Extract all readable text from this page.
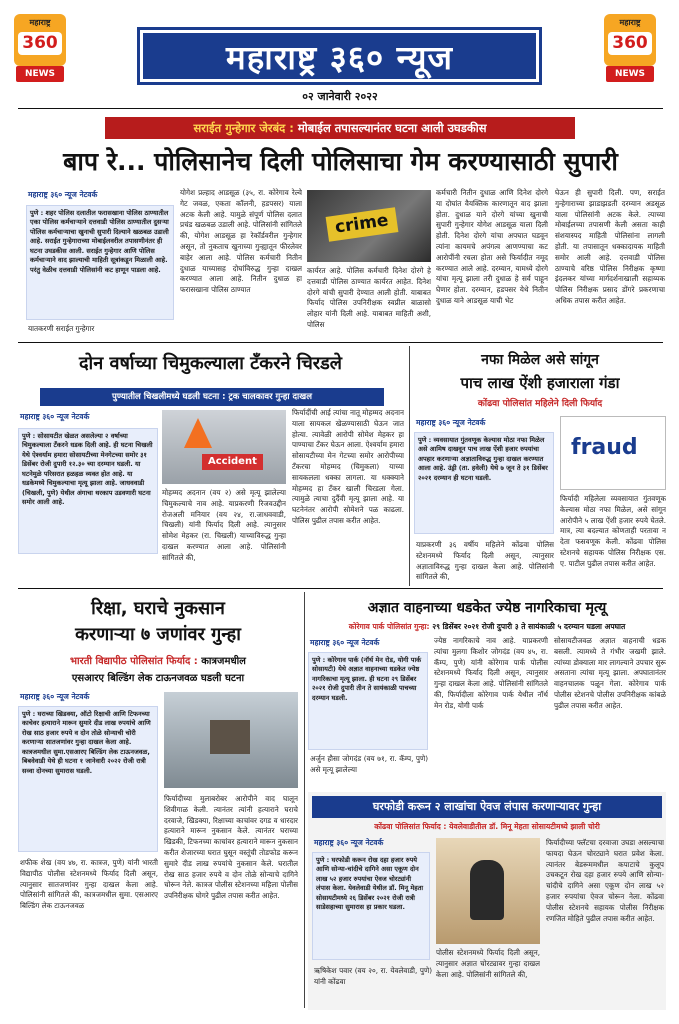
महाराष्ट्र
360
NEWS
महाराष्ट्र
360
NEWS
महाराष्ट्र ३६० न्यूज
०२ जानेवारी २०२२
सराईत गुन्हेगार जेरबंद : मोबाईल तपासल्यानंतर घटना आली उघडकीस
बाप रे... पोलिसानेच दिली पोलिसाचा गेम करण्यासाठी सुपारी
महाराष्ट्र ३६० न्यूज नेटवर्क
पुणे : शहर पोलिस दलातील फरासखाना पोलिस ठाण्यातील एका पोलिस कर्मचाऱ्याने दत्तवाडी पोलिस ठाण्यातील दुसऱ्या पोलिस कर्मचाऱ्याचा खुनाची सुपारी दिल्याने खळबळ उडाली आहे. सराईत गुन्हेगाराच्या मोबाईलवरील तपासणीनंतर ही घटना उघडकीस आली. सराईत गुन्हेगार आणि पोलिस कर्मचाऱ्याने वाद झाल्याची माहिती सूत्रांकडून मिळाली आहे. परंतु वेळीच दत्तवाडी पोलिसांनी कट हाणून पाडला आहे.
यातकरणी सराईत गुन्हेगार
योगेश प्रल्हाद आडसूळ (३५, रा. कोरेगाव रेल्वे गेट जवळ, एकता कॉलनी, हडपसर) याला अटक केली आहे. यामुळे संपूर्ण पोलिस दलात प्रचंड खळबळ उडाली आहे. पोलिसांनी सांगितले की, योगेश आडसूळ हा रेकॉर्डवरील गुन्हेगार असून, तो नुकताच खुनाच्या गुन्ह्यातून फीरलेवर बाहेर आला आहे. पोलिस कर्मचारी नितीन दुधाळ याच्यासह दोघांविरुद्ध गुन्हा दाखल करण्यात आला आहे. नितीन दुधाळ हा फरासखाना पोलिस ठाण्यात
crime
कार्यरत आहे. पोलिस कर्मचारी दिनेश दोरगे हे दत्तवाडी पोलिस ठाण्यात कार्यरत आहेत. दिनेश दोरगे यांची सुपारी देण्यात आली होती. याबाबत फिर्याद पोलिस उपनिरीक्षक स्वप्नील बाळासो लोहार यांनी दिली आहे. याबाबत माहिती अशी, पोलिस
कर्मचारी नितीन दुधाळ आणि दिनेश दोरगे या दोघांत वैयक्तिक कारणातून वाद झाला होता. दुधाळ याने दोरगे यांच्या खुनाची सुपारी गुन्हेगार योगेश आडसूळ याला दिली होती. दिनेश दोरगे यांचा अपघात घडवून त्यांना कायमचे अपंगत्व आणण्याचा कट आरोपींनी रचला होता असे फिर्यादीत नमूद करण्यात आले आहे. दरम्यान, यामध्ये दोरगे यांचा मृत्यू झाला तरी दुधाळ हे सर्व पाहून घेणार होता. दरम्यान, हडपसर येथे नितीन दुधाळ याने आडसूळ याची भेट
घेऊन ही सुपारी दिली. पण, सराईत गुन्हेगाराच्या झाडाझडती दरम्यान अडसूळ याला पोलिसांनी अटक केले. त्याच्या मोबाईलच्या तपासणी केली असता काही संशयास्पद माहिती पोलिसांना लागली होती. या तपासातून धक्कादायक माहिती समोर आली आहे. दत्तवाडी पोलिस ठाण्याचे वरिष्ठ पोलिस निरीक्षक कृष्णा इंदलकर यांच्या मार्गदर्शनाखाली सहाय्यक पोलिस निरीक्षक प्रसाद डोंगरे प्रकरणाचा अधिक तपास करीत आहेत.
दोन वर्षाच्या चिमुकल्याला टँकरने चिरडले
पुण्यातील चिखलीमध्ये घडली घटना : ट्रक चालकावर गुन्हा दाखल
महाराष्ट्र ३६० न्यूज नेटवर्क
पुणे : सोसायटीत खेळत असलेल्या २ वर्षाच्या चिमुकल्याला टँकरने धडक दिली आहे. ही घटना चिखली येथे ऐश्वर्याम हमारा सोसायटीच्या मेनगेटच्या समोर ३१ डिसेंबर रोजी दुपारी १२.३० च्या दरम्यान घडली. या घटनेमुळे परिसरात हळहळ व्यक्त होत आहे. या धडकेमध्ये चिमुकल्याचा मृत्यू झाला आहे. जाधववाडी (चिखली, पुणे) येथील अंगाचा थरकाप उडवणारी घटना समोर आली आहे.
Accident
मोहम्मद अदनान (वय २) असे मृत्यू झालेल्या चिमुकल्याचे नाव आहे. याप्रकरणी रिजवउद्दीन रोजअली मनियार (वय २४, रा.जाधववाडी, चिखली) यांनी फिर्याद दिली आहे. त्यानुसार सोमेश मेहकर (रा. चिखली) याच्याविरुद्ध गुन्हा दाखल करण्यात आला आहे. पोलिसांनी सांगितले की,
फिर्यादींची आई त्यांचा नातू मोहम्मद अदनान याला सायकल खेळण्यासाठी घेऊन जात होत्या. त्यावेळी आरोपी सोमेश मेहकर हा पाण्याचा टँकर घेऊन आला. ऐश्वर्याम हमारा सोसायटीच्या मेन गेटच्या समोर आरोपीच्या टँकरचा मोहम्मद (चिमुकला) याच्या सायकलला धक्का लागला. या धक्क्याने मोहम्मद हा टँकर खाली चिरडला गेला. त्यामुळे त्याचा दुर्दैवी मृत्यू झाला आहे. या घटनेनंतर आरोपी सोमेशने पळ काढला. पोलिस पुढील तपास करीत आहेत.
नफा मिळेल असे सांगून
पाच लाख ऐंशी हजाराला गंडा
कोंढवा पोलिसांत महिलेने दिली फिर्याद
महाराष्ट्र ३६० न्यूज नेटवर्क
पुणे : व्यवसायात गुंतवणूक केल्यास मोठा नफा मिळेल असे आमिष दाखवून पाच लाख ऐंशी हजार रुपयांचा अपहार करणाऱ्या अज्ञाताविरुद्ध गुन्हा दाखल करण्यात आला आहे. उंड्री (ता. हवेली) येथे ७ जून ते ३१ डिसेंबर २०२१ दरम्यान ही घटना घडली.
याप्रकरणी ३६ वर्षीय महिलेने कोंढवा पोलिस स्टेशनमध्ये फिर्याद दिली असून, त्यानुसार अज्ञाताविरुद्ध गुन्हा दाखल केला आहे. पोलिसांनी सांगितले की,
fraud
फिर्यादी महिलेला व्यवसायात गुंतवणूक केल्यास मोठा नफा मिळेल, असे सांगून आरोपीने ५ लाख ऐंशी हजार रुपये घेतले. मात्र, त्या बदल्यात कोणताही परतावा न देता फसवणूक केली. कोंढवा पोलिस स्टेशनचे सहायक पोलिस निरीक्षक एस. ए. पाटील पुढील तपास करीत आहेत.
रिक्षा, घराचे नुकसान
करणाऱ्या ७ जणांवर गुन्हा
भारती विद्यापीठ पोलिसांत फिर्याद : कात्रजमधील
एसआरए बिल्डिंग लेक टाऊनजवळ घडली घटना
महाराष्ट्र ३६० न्यूज नेटवर्क
पुणे : घराच्या खिडक्या, ऑटो रिक्षाची आणि टिफनच्या काचेवर हत्याराने मारून सुमारे दीड लाख रुपयांचे आणि रोख साठ हजार रुपये व दोन तोळे सोन्याची चोरी करणाऱ्या सातजणांवर गुन्हा दाखल केला आहे. कात्रजमधील सुमा.एसआरए बिल्डिंग लेक टाऊनजवळ, बिबवेवाडी येथे ही घटना १ जानेवारी २०२२ रोजी रात्री सव्वा दोनच्या सुमारास घडली.
शफीक शेख (वय ४७, रा. कात्रज, पुणे) यांनी भारती विद्यापीठ पोलीस स्टेशनमध्ये फिर्याद दिली असून, त्यानुसार सातजणांवर गुन्हा दाखल केला आहे. पोलिसांनी सांगितले की, कात्रजमधील सुमा. एसआरए बिल्डिंग लेक टाऊनजवळ
फिर्यादीच्या मुलाबरोबर आरोपीने वाद घालून शिवीगाळ केली. त्यानंतर त्यांनी हत्याराने घराचे दरवाजे, खिडक्या, रिक्षाच्या काचांवर दगड व धारदार हत्याराने मारून नुकसान केले. त्यानंतर घराच्या खिडकी, टिफनच्या काचांवर हत्याराने मारून नुकसान करीत शेजारच्या घरात घुसून वस्तूंची तोडफोड करून सुमारे दीड लाख रुपयांचे नुकसान केले. घरातील रोख साठ हजार रुपये व दोन तोळे सोन्याचे दागिने चोरून नेले. कात्रज पोलीस स्टेशनच्या महिला पोलीस उपनिरीक्षक घोगरे पुढील तपास करीत आहेत.
अज्ञात वाहनाच्या धडकेत ज्येष्ठ नागरिकाचा मृत्यू
कोरेगाव पार्क पोलिसांत गुन्हा: २९ डिसेंबर २०२१ रोजी दुपारी ३ ते सायंकाळी ५ दरम्यान घडला अपघात
महाराष्ट्र ३६० न्यूज नेटवर्क
पुणे : कोरेगाव पार्क (नॉर्थ मेन रोड, योगी पार्क सोसायटी) येथे अज्ञात वाहनाच्या धडकेत ज्येष्ठ नागरिकाचा मृत्यू झाला. ही घटना २९ डिसेंबर २०२१ रोजी दुपारी तीन ते सायंकाळी पाचच्या दरम्यान घडली.
अर्जुन हौसा जोगदंड (वय ७१, रा. कॅम्प, पुणे) असे मृत्यू झालेल्या
ज्येष्ठ नागरिकाचे नाव आहे. याप्रकरणी त्यांचा मुलगा किशोर जोगदंड (वय ४५, रा. कॅम्प, पुणे) यांनी कोरेगाव पार्क पोलीस स्टेशनमध्ये फिर्याद दिली असून, त्यानुसार गुन्हा दाखल केला आहे. पोलिसांनी सांगितले की, फिर्यादीला कोरेगाव पार्क येथील नॉर्थ मेन रोड, योगी पार्क
सोसायटीजवळ अज्ञात वाहनाची धडक बसली. त्यामध्ये ते गंभीर जखमी झाले. त्यांच्या डोक्याला मार लागल्याने उपचार सुरू असताना त्यांचा मृत्यू झाला. अपघातानंतर वाहनचालक पळून गेला. कोरेगाव पार्क पोलीस स्टेशनचे पोलीस उपनिरीक्षक कांबळे पुढील तपास करीत आहेत.
घरफोडी करून २ लाखांचा ऐवज लंपास करणाऱ्यावर गुन्हा
कोंढवा पोलिसांत फिर्याद : येवलेवाडीतील डॉ. मिनू मेहता सोसायटीमध्ये झाली चोरी
महाराष्ट्र ३६० न्यूज नेटवर्क
पुणे : घरफोडी करून रोख दहा हजार रुपये आणि सोन्या-चांदीचे दागिने असा एकूण दोन लाख ५२ हजार रुपयांचा ऐवज चोरट्यांनी लंपास केला. येवलेवाडी येथील डॉ. मिनू मेहता सोसायटीमध्ये २६ डिसेंबर २०२१ रोजी रात्री साडेसहाच्या सुमारास हा प्रकार घडला.
ऋषिकेश पवार (वय २०, रा. येवलेवाडी, पुणे) यांनी कोंढवा
पोलीस स्टेशनमध्ये फिर्याद दिली असून, त्यानुसार अज्ञात चोरट्यावर गुन्हा दाखल केला आहे. पोलिसांनी सांगितले की,
फिर्यादीच्या फ्लॅटचा दरवाजा उघडा असल्याचा फायदा घेऊन चोरट्याने घरात प्रवेश केला. त्यानंतर बेडरूममधील कपाटाचे कुलूप उचकटून रोख दहा हजार रुपये आणि सोन्या-चांदीचे दागिने असा एकूण दोन लाख ५२ हजार रुपयांचा ऐवज चोरून नेला. कोंढवा पोलीस स्टेशनचे सहायक पोलीस निरीक्षक रणजित मोहिते पुढील तपास करीत आहेत.
